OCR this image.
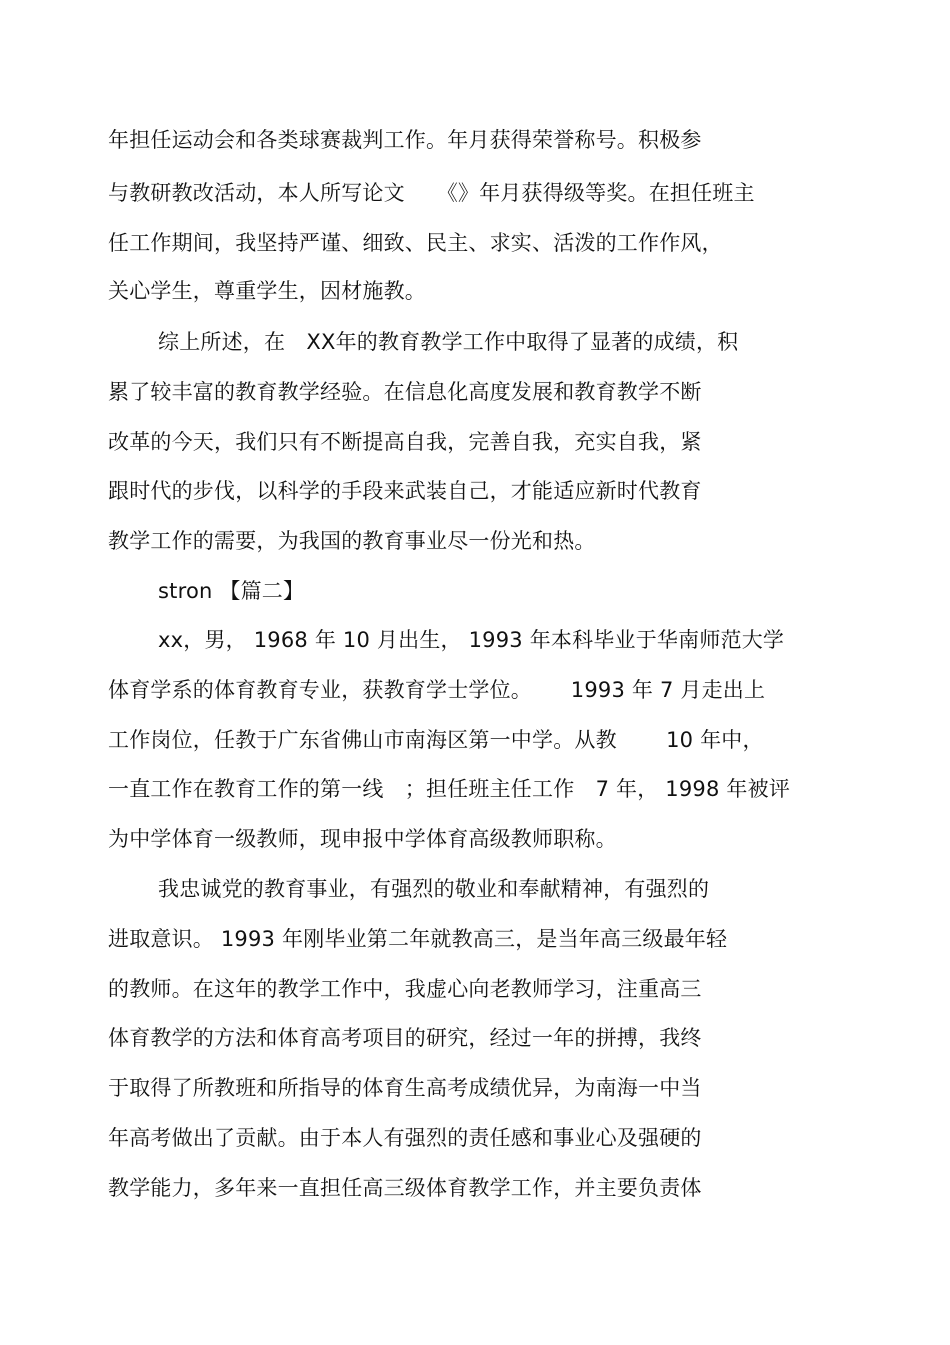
年担任运动会和各类球赛裁判工作。年月获得荣誉称号。积极参
与教研教改活动，本人所写论文　　《》年月获得级等奖。在担任班主
任工作期间，我坚持严谨、细致、民主、求实、活泼的工作作风，
关心学生，尊重学生，因材施教。
综上所述，在　XX年的教育教学工作中取得了显著的成绩，积
累了较丰富的教育教学经验。在信息化高度发展和教育教学不断
改革的今天，我们只有不断提高自我，完善自我，充实自我，紧
跟时代的步伐，以科学的手段来武装自己，才能适应新时代教育
教学工作的需要，为我国的教育事业尽一份光和热。
stron 【篇二】
xx，男， 1968 年 10 月出生， 1993 年本科毕业于华南师范大学
体育学系的体育教育专业，获教育学士学位。　　 1993 年 7 月走出上
工作岗位，任教于广东省佛山市南海区第一中学。从教　　 10 年中，
一直工作在教育工作的第一线　；担任班主任工作　7 年， 1998 年被评
为中学体育一级教师，现申报中学体育高级教师职称。
我忠诚党的教育事业，有强烈的敬业和奉献精神，有强烈的
进取意识。 1993 年刚毕业第二年就教高三，是当年高三级最年轻
的教师。在这年的教学工作中，我虚心向老教师学习，注重高三
体育教学的方法和体育高考项目的研究，经过一年的拼搏，我终
于取得了所教班和所指导的体育生高考成绩优异，为南海一中当
年高考做出了贡献。由于本人有强烈的责任感和事业心及强硬的
教学能力，多年来一直担任高三级体育教学工作，并主要负责体
